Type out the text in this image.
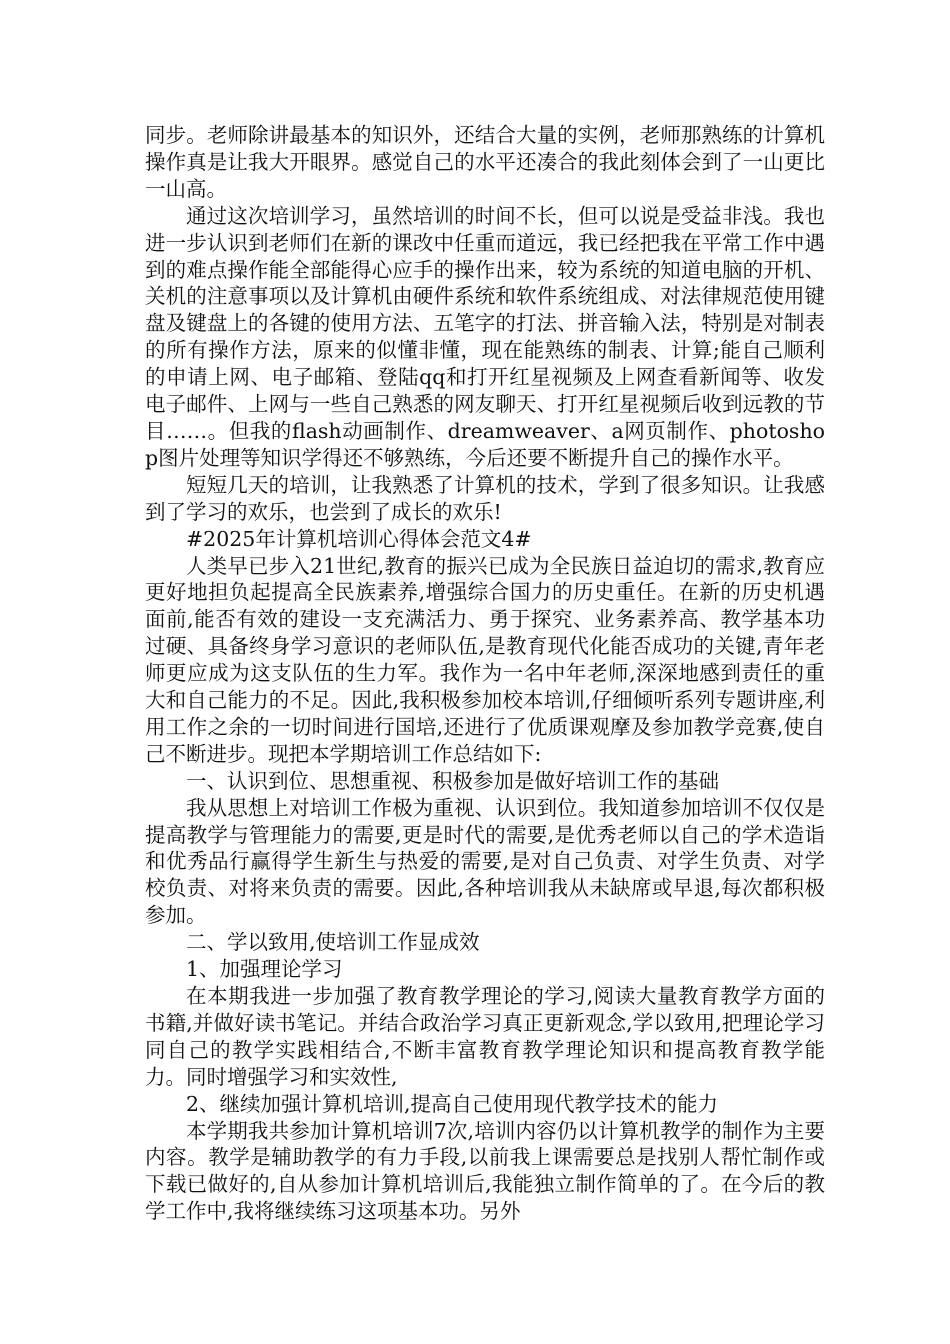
同步。老师除讲最基本的知识外，还结合大量的实例，老师那熟练的计算机操作真是让我大开眼界。感觉自己的水平还凑合的我此刻体会到了一山更比一山高。

通过这次培训学习，虽然培训的时间不长，但可以说是受益非浅。我也进一步认识到老师们在新的课改中任重而道远，我已经把我在平常工作中遇到的难点操作能全部能得心应手的操作出来，较为系统的知道电脑的开机、关机的注意事项以及计算机由硬件系统和软件系统组成、对法律规范使用键盘及键盘上的各键的使用方法、五笔字的打法、拼音输入法，特别是对制表的所有操作方法，原来的似懂非懂，现在能熟练的制表、计算;能自己顺利的申请上网、电子邮箱、登陆qq和打开红星视频及上网查看新闻等、收发电子邮件、上网与一些自己熟悉的网友聊天、打开红星视频后收到远教的节目……。但我的flash动画制作、dreamweaver、a网页制作、photoshop图片处理等知识学得还不够熟练，今后还要不断提升自己的操作水平。

短短几天的培训，让我熟悉了计算机的技术，学到了很多知识。让我感到了学习的欢乐，也尝到了成长的欢乐!

#2025年计算机培训心得体会范文4#

人类早已步入21世纪,教育的振兴已成为全民族日益迫切的需求,教育应更好地担负起提高全民族素养,增强综合国力的历史重任。在新的历史机遇面前,能否有效的建设一支充满活力、勇于探究、业务素养高、教学基本功过硬、具备终身学习意识的老师队伍,是教育现代化能否成功的关键,青年老师更应成为这支队伍的生力军。我作为一名中年老师,深深地感到责任的重大和自己能力的不足。因此,我积极参加校本培训,仔细倾听系列专题讲座,利用工作之余的一切时间进行国培,还进行了优质课观摩及参加教学竞赛,使自己不断进步。现把本学期培训工作总结如下:

一、认识到位、思想重视、积极参加是做好培训工作的基础

我从思想上对培训工作极为重视、认识到位。我知道参加培训不仅仅是提高教学与管理能力的需要,更是时代的需要,是优秀老师以自己的学术造诣和优秀品行赢得学生新生与热爱的需要,是对自己负责、对学生负责、对学校负责、对将来负责的需要。因此,各种培训我从未缺席或早退,每次都积极参加。

二、学以致用,使培训工作显成效

1、加强理论学习

在本期我进一步加强了教育教学理论的学习,阅读大量教育教学方面的书籍,并做好读书笔记。并结合政治学习真正更新观念,学以致用,把理论学习同自己的教学实践相结合,不断丰富教育教学理论知识和提高教育教学能力。同时增强学习和实效性,

2、继续加强计算机培训,提高自己使用现代教学技术的能力

本学期我共参加计算机培训7次,培训内容仍以计算机教学的制作为主要内容。教学是辅助教学的有力手段,以前我上课需要总是找别人帮忙制作或下载已做好的,自从参加计算机培训后,我能独立制作简单的了。在今后的教学工作中,我将继续练习这项基本功。另外
